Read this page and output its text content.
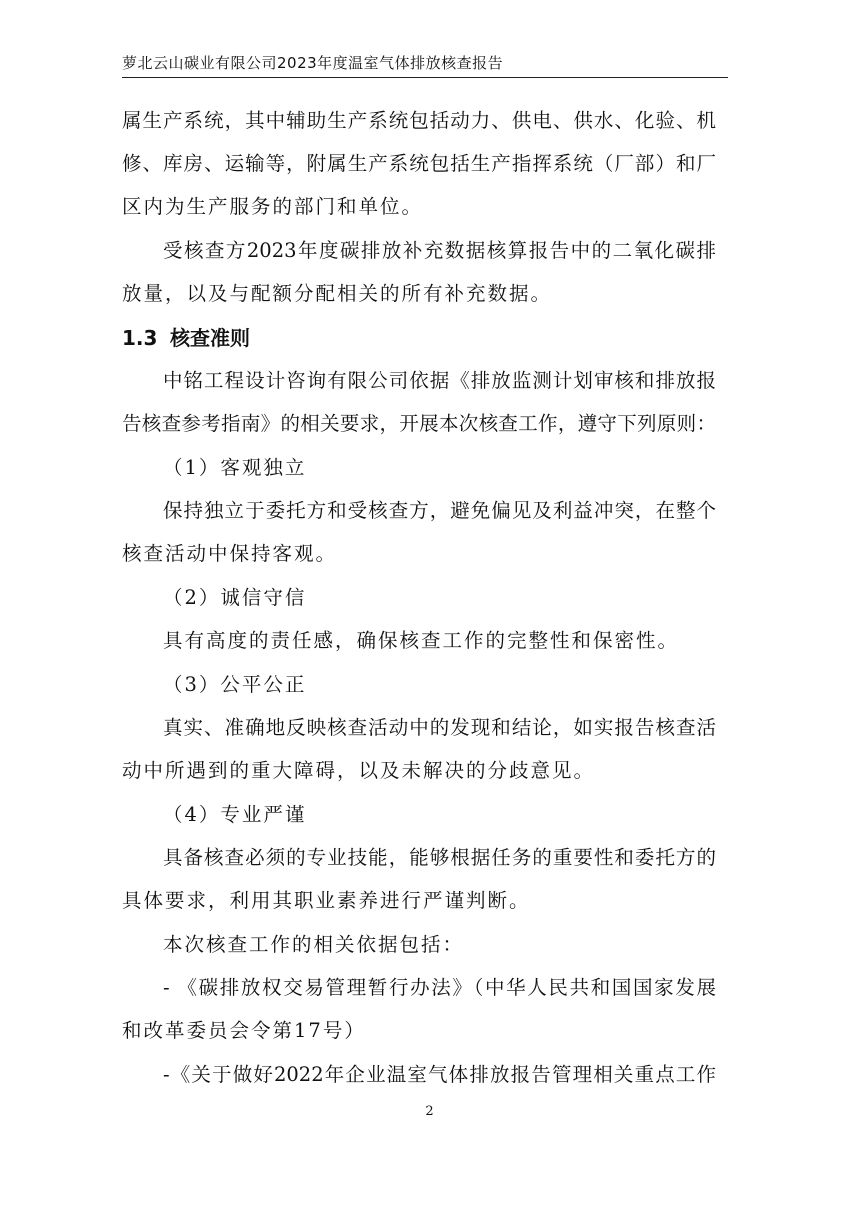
萝北云山碳业有限公司2023年度温室气体排放核查报告
属生产系统，其中辅助生产系统包括动力、供电、供水、化验、机
修、库房、运输等，附属生产系统包括生产指挥系统（厂部）和厂
区内为生产服务的部门和单位。
受核查方2023年度碳排放补充数据核算报告中的二氧化碳排
放量，以及与配额分配相关的所有补充数据。
1.3 核查准则
中铭工程设计咨询有限公司依据《排放监测计划审核和排放报
告核查参考指南》的相关要求，开展本次核查工作，遵守下列原则：
（1）客观独立
保持独立于委托方和受核查方，避免偏见及利益冲突，在整个
核查活动中保持客观。
（2）诚信守信
具有高度的责任感，确保核查工作的完整性和保密性。
（3）公平公正
真实、准确地反映核查活动中的发现和结论，如实报告核查活
动中所遇到的重大障碍，以及未解决的分歧意见。
（4）专业严谨
具备核查必须的专业技能，能够根据任务的重要性和委托方的
具体要求，利用其职业素养进行严谨判断。
本次核查工作的相关依据包括：
- 《碳排放权交易管理暂行办法》（中华人民共和国国家发展
和改革委员会令第17号）
-《关于做好2022年企业温室气体排放报告管理相关重点工作
2
